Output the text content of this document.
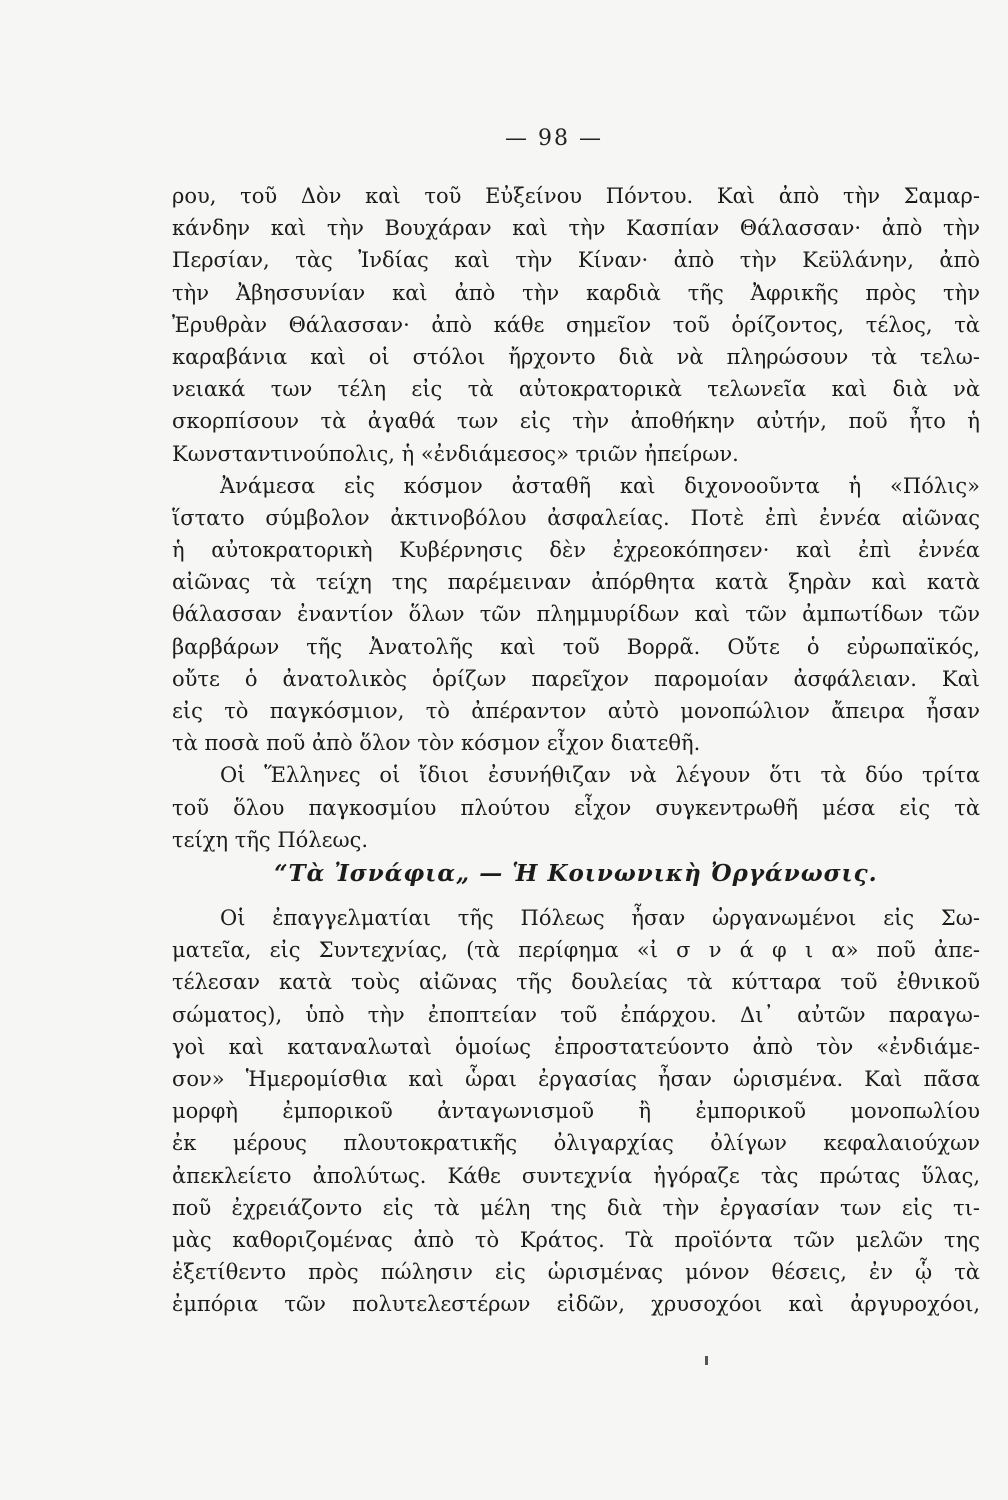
— 98 —
ρου, τοῦ Δὸν καὶ τοῦ Εὐξείνου Πόντου. Καὶ ἀπὸ τὴν Σαμαρ-
κάνδην καὶ τὴν Βουχάραν καὶ τὴν Κασπίαν Θάλασσαν· ἀπὸ τὴν
Περσίαν, τὰς Ἰνδίας καὶ τὴν Κίναν· ἀπὸ τὴν Κεϋλάνην, ἀπὸ
τὴν Ἀβησσυνίαν καὶ ἀπὸ τὴν καρδιὰ τῆς Ἀφρικῆς πρὸς τὴν
Ἐρυθρὰν Θάλασσαν· ἀπὸ κάθε σημεῖον τοῦ ὁρίζοντος, τέλος, τὰ
καραβάνια καὶ οἱ στόλοι ἤρχοντο διὰ νὰ πληρώσουν τὰ τελω-
νειακά των τέλη εἰς τὰ αὐτοκρατορικὰ τελωνεῖα καὶ διὰ νὰ
σκορπίσουν τὰ ἀγαθά των εἰς τὴν ἀποθήκην αὐτήν, ποῦ ἦτο ἡ
Κωνσταντινούπολις, ἡ «ἐνδιάμεσος» τριῶν ἠπείρων.
Ἀνάμεσα εἰς κόσμον ἀσταθῆ καὶ διχονοοῦντα ἡ «Πόλις»
ἵστατο σύμβολον ἀκτινοβόλου ἀσφαλείας. Ποτὲ ἐπὶ ἐννέα αἰῶνας
ἡ αὐτοκρατορικὴ Κυβέρνησις δὲν ἐχρεοκόπησεν· καὶ ἐπὶ ἐννέα
αἰῶνας τὰ τείχη της παρέμειναν ἀπόρθητα κατὰ ξηρὰν καὶ κατὰ
θάλασσαν ἐναντίον ὅλων τῶν πλημμυρίδων καὶ τῶν ἀμπωτίδων τῶν
βαρβάρων τῆς Ἀνατολῆς καὶ τοῦ Βορρᾶ. Οὔτε ὁ εὐρωπαϊκός,
οὔτε ὁ ἀνατολικὸς ὁρίζων παρεῖχον παρομοίαν ἀσφάλειαν. Καὶ
εἰς τὸ παγκόσμιον, τὸ ἀπέραντον αὐτὸ μονοπώλιον ἄπειρα ἦσαν
τὰ ποσὰ ποῦ ἀπὸ ὅλον τὸν κόσμον εἶχον διατεθῆ.
Οἱ Ἕλληνες οἱ ἴδιοι ἐσυνήθιζαν νὰ λέγουν ὅτι τὰ δύο τρίτα
τοῦ ὅλου παγκοσμίου πλούτου εἶχον συγκεντρωθῆ μέσα εἰς τὰ
τείχη τῆς Πόλεως.
“Τὰ Ἰσνάφια„ — Ἡ Κοινωνικὴ Ὀργάνωσις.
Οἱ ἐπαγγελματίαι τῆς Πόλεως ἦσαν ὠργανωμένοι εἰς Σω-
ματεῖα, εἰς Συντεχνίας, (τὰ περίφημα «ἰ σ ν ά φ ι α» ποῦ ἀπε-
τέλεσαν κατὰ τοὺς αἰῶνας τῆς δουλείας τὰ κύτταρα τοῦ ἐθνικοῦ
σώματος), ὑπὸ τὴν ἐποπτείαν τοῦ ἐπάρχου. Δι᾽ αὐτῶν παραγω-
γοὶ καὶ καταναλωταὶ ὁμοίως ἐπροστατεύοντο ἀπὸ τὸν «ἐνδιάμε-
σον» Ἡμερομίσθια καὶ ὧραι ἐργασίας ἦσαν ὡρισμένα. Καὶ πᾶσα
μορφὴ ἐμπορικοῦ ἀνταγωνισμοῦ ἢ ἐμπορικοῦ μονοπωλίου
ἐκ μέρους πλουτοκρατικῆς ὀλιγαρχίας ὀλίγων κεφαλαιούχων
ἀπεκλείετο ἀπολύτως. Κάθε συντεχνία ἠγόραζε τὰς πρώτας ὕλας,
ποῦ ἐχρειάζοντο εἰς τὰ μέλη της διὰ τὴν ἐργασίαν των εἰς τι-
μὰς καθοριζομένας ἀπὸ τὸ Κράτος. Τὰ προϊόντα τῶν μελῶν της
ἐξετίθεντο πρὸς πώλησιν εἰς ὡρισμένας μόνον θέσεις, ἐν ᾧ τὰ
ἐμπόρια τῶν πολυτελεστέρων εἰδῶν, χρυσοχόοι καὶ ἀργυροχόοι,
